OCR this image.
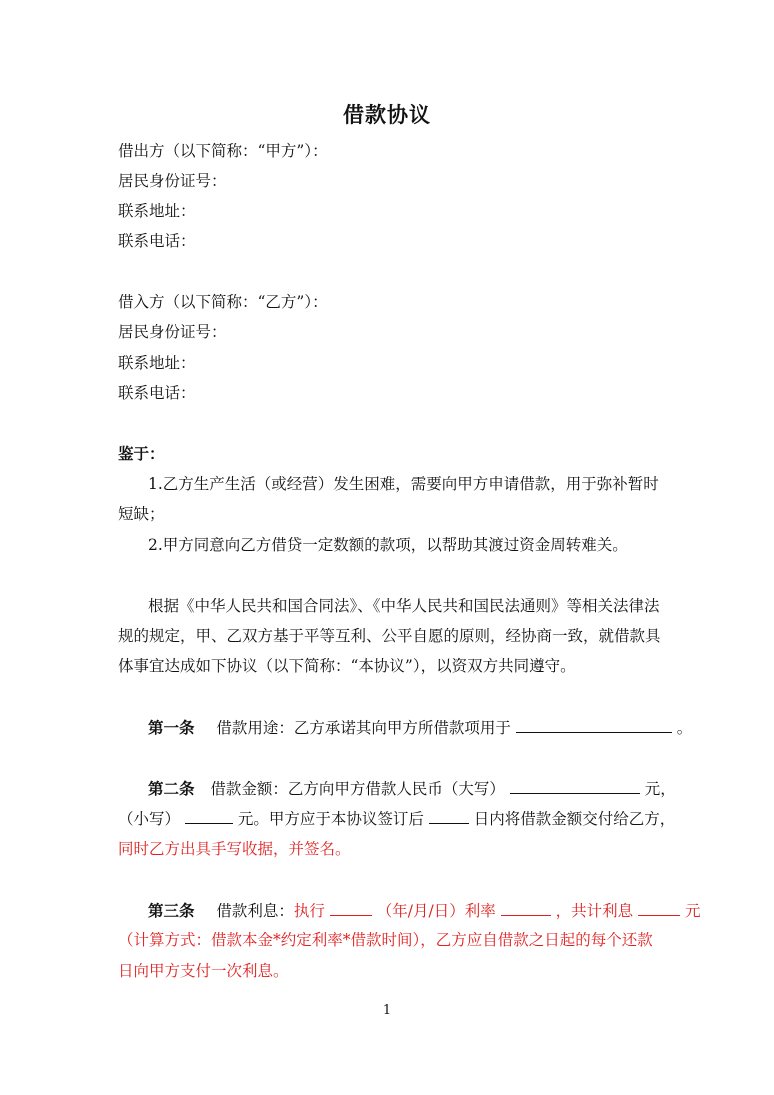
借款协议
借出方（以下简称：“甲方”）：
居民身份证号：
联系地址：
联系电话：
借入方（以下简称：“乙方”）：
居民身份证号：
联系地址：
联系电话：
鉴于：
1.乙方生产生活（或经营）发生困难，需要向甲方申请借款，用于弥补暂时
短缺；
2.甲方同意向乙方借贷一定数额的款项，以帮助其渡过资金周转难关。
根据《中华人民共和国合同法》、《中华人民共和国民法通则》等相关法律法
规的规定，甲、乙双方基于平等互利、公平自愿的原则，经协商一致，就借款具
体事宜达成如下协议（以下简称：“本协议”），以资双方共同遵守。
第一条 借款用途：乙方承诺其向甲方所借款项用于	。
第二条 借款金额：乙方向甲方借款人民币（大写）	元，
（小写）	元。甲方应于本协议签订后	日内将借款金额交付给乙方，
同时乙方出具手写收据，并签名。
第三条 借款利息：执行	（年/月/日）利率	，共计利息	元
（计算方式：借款本金*约定利率*借款时间），乙方应自借款之日起的每个还款
日向甲方支付一次利息。
1
